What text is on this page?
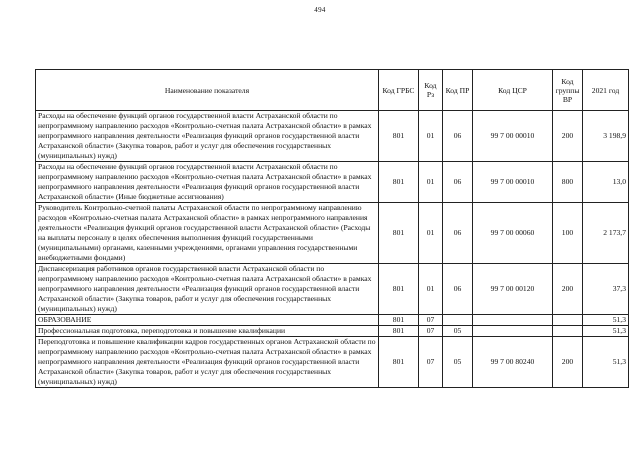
494
Наименование показателя	Код ГРБС	Код Рз	Код ПР	Код ЦСР	Код группы ВР	2021 год
Расходы на обеспечение функций органов государственной власти Астраханской области по непрограммному направлению расходов «Контрольно-счетная палата Астраханской области» в рамках непрограммного направления деятельности «Реализация функций органов государственной власти Астраханской области» (Закупка товаров, работ и услуг для обеспечения государственных (муниципальных) нужд)	801	01	06	99 7 00 00010	200	3 198,9
Расходы на обеспечение функций органов государственной власти Астраханской области по непрограммному направлению расходов «Контрольно-счетная палата Астраханской области» в рамках непрограммного направления деятельности «Реализация функций органов государственной власти Астраханской области» (Иные бюджетные ассигнования)	801	01	06	99 7 00 00010	800	13,0
Руководитель Контрольно-счетной палаты Астраханской области по непрограммному направлению расходов «Контрольно-счетная палата Астраханской области» в рамках непрограммного направления деятельности «Реализация функций органов государственной власти Астраханской области» (Расходы на выплаты персоналу в целях обеспечения выполнения функций государственными (муниципальными) органами, казенными учреждениями, органами управления государственными внебюджетными фондами)	801	01	06	99 7 00 00060	100	2 173,7
Диспансеризация работников органов государственной власти Астраханской области по непрограммному направлению расходов «Контрольно-счетная палата Астраханской области» в рамках непрограммного направления деятельности «Реализация функций органов государственной власти Астраханской области» (Закупка товаров, работ и услуг для обеспечения государственных (муниципальных) нужд)	801	01	06	99 7 00 00120	200	37,3
ОБРАЗОВАНИЕ	801	07				51,3
Профессиональная подготовка, переподготовка и повышение квалификации	801	07	05			51,3
Переподготовка и повышение квалификации кадров государственных органов Астраханской области по непрограммному направлению расходов «Контрольно-счетная палата Астраханской области» в рамках непрограммного направления деятельности «Реализация функций органов государственной власти Астраханской области» (Закупка товаров, работ и услуг для обеспечения государственных (муниципальных) нужд)	801	07	05	99 7 00 80240	200	51,3
